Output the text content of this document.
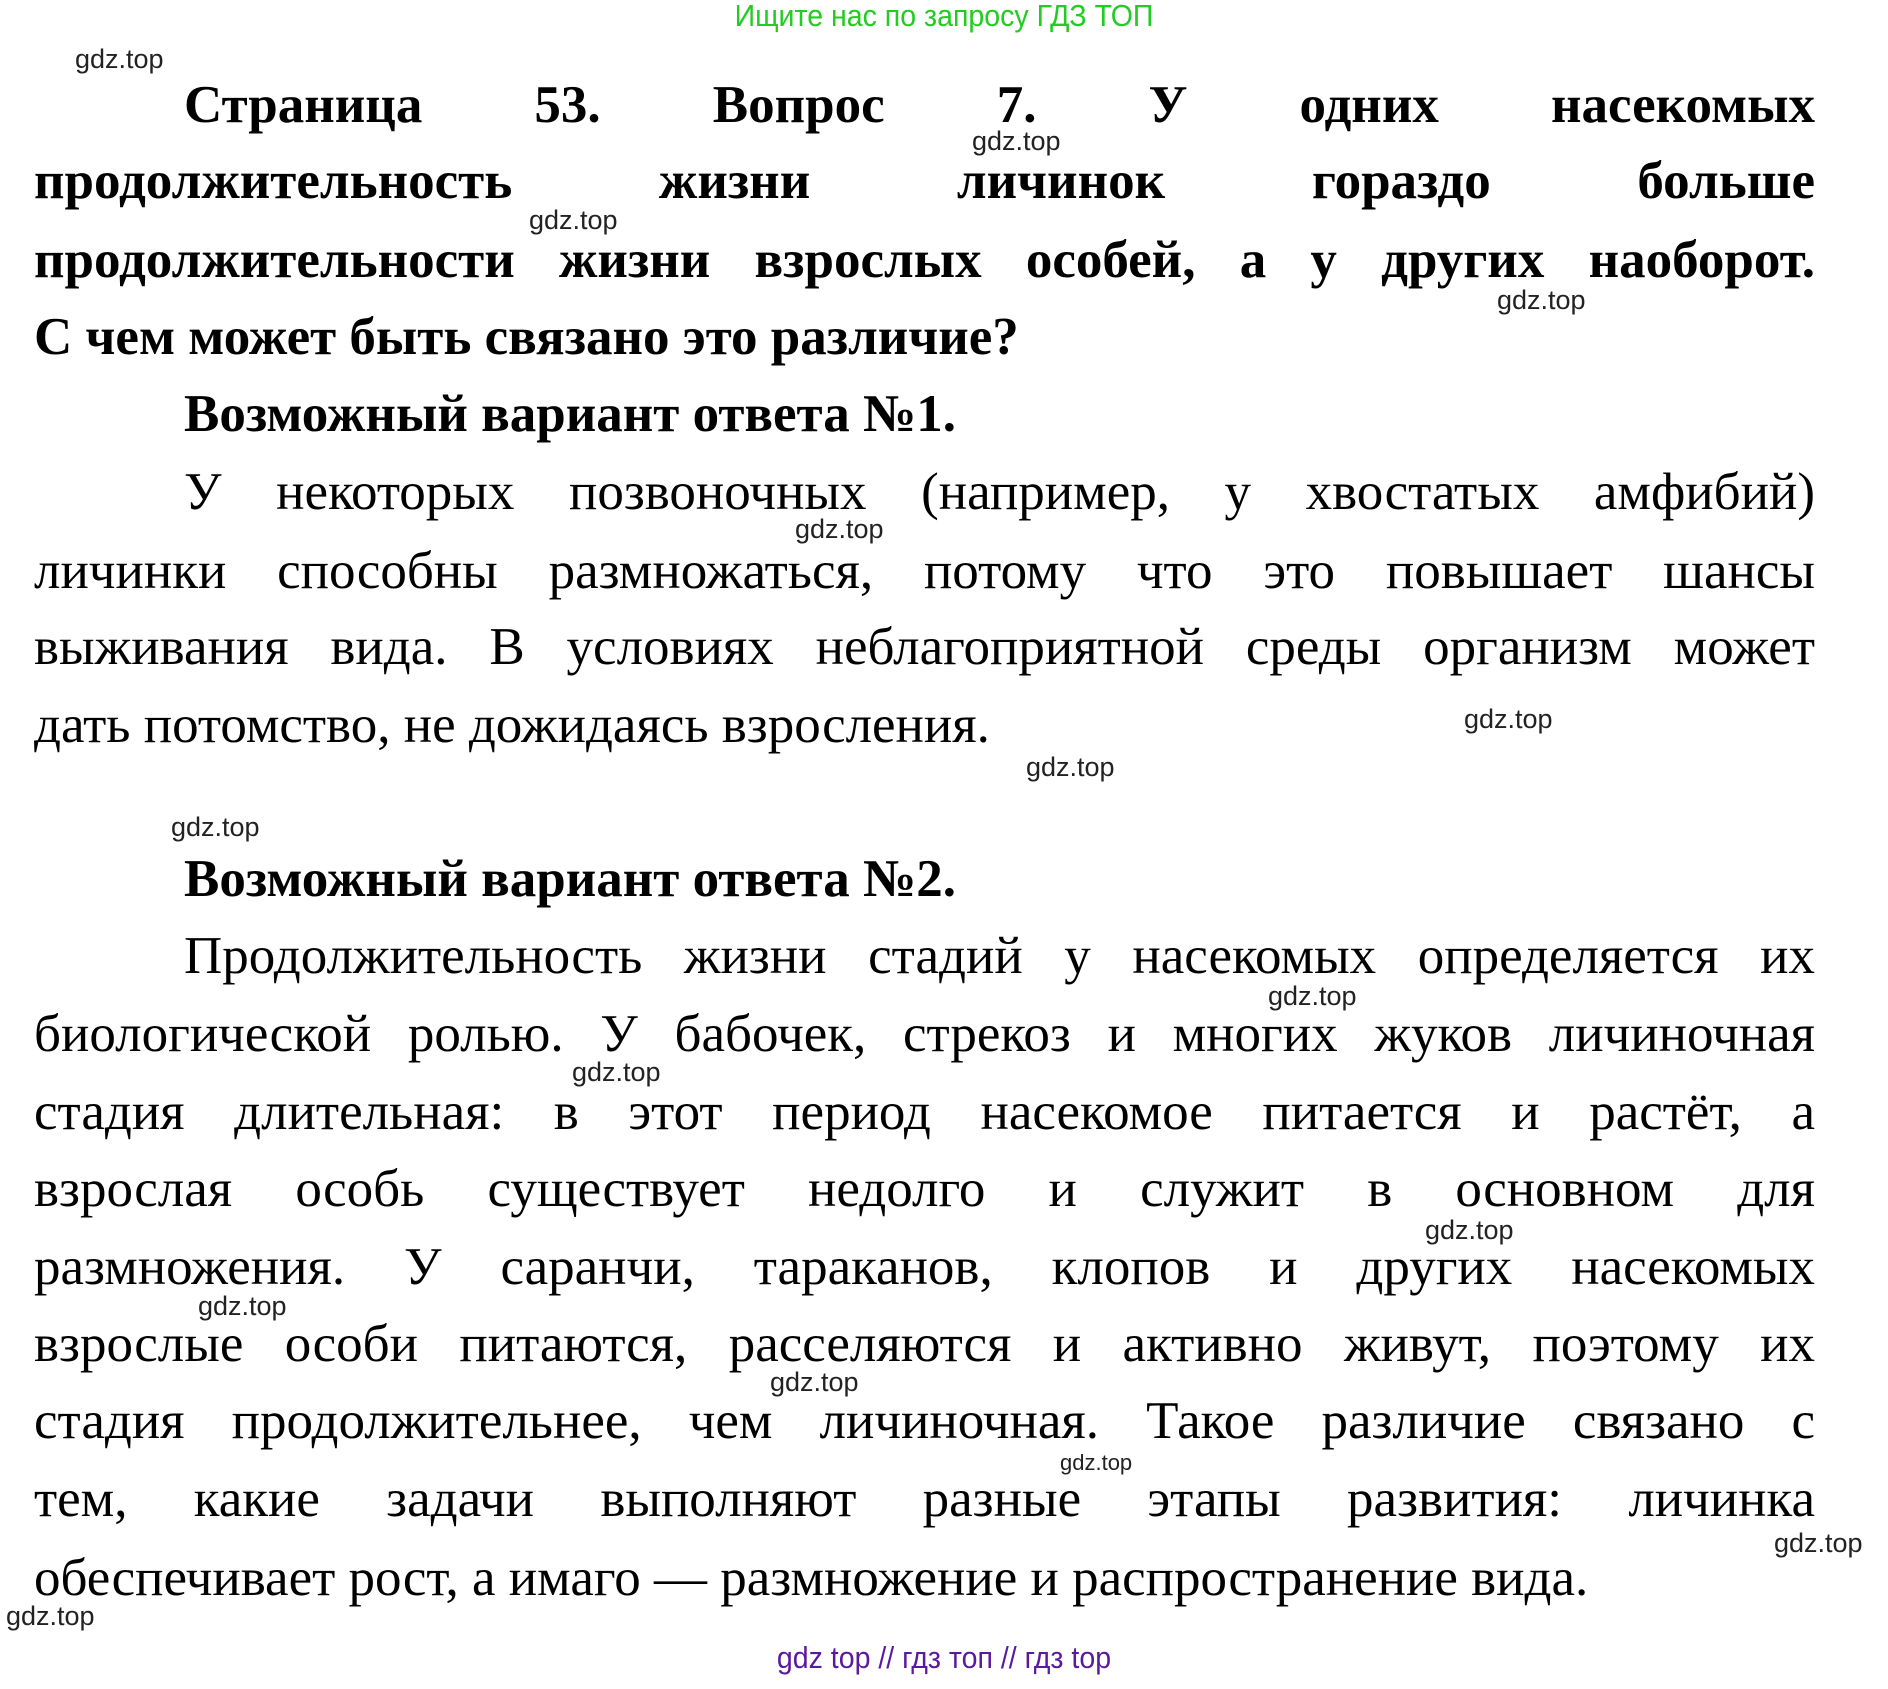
Ищите нас по запросу ГДЗ ТОП
Страница 53. Вопрос 7. У одних насекомых
продолжительность жизни личинок гораздо больше
продолжительности жизни взрослых особей, а у других наоборот.
С чем может быть связано это различие?
Возможный вариант ответа №1.
У некоторых позвоночных (например, у хвостатых амфибий)
личинки способны размножаться, потому что это повышает шансы
выживания вида. В условиях неблагоприятной среды организм может
дать потомство, не дожидаясь взросления.
Возможный вариант ответа №2.
Продолжительность жизни стадий у насекомых определяется их
биологической ролью. У бабочек, стрекоз и многих жуков личиночная
стадия длительная: в этот период насекомое питается и растёт, а
взрослая особь существует недолго и служит в основном для
размножения. У саранчи, тараканов, клопов и других насекомых
взрослые особи питаются, расселяются и активно живут, поэтому их
стадия продолжительнее, чем личиночная. Такое различие связано с
тем, какие задачи выполняют разные этапы развития: личинка
обеспечивает рост, а имаго — размножение и распространение вида.
gdz.top
gdz.top
gdz.top
gdz.top
gdz.top
gdz.top
gdz.top
gdz.top
gdz.top
gdz.top
gdz.top
gdz.top
gdz.top
gdz.top
gdz.top
gdz.top
gdz top // гдз топ // гдз top
